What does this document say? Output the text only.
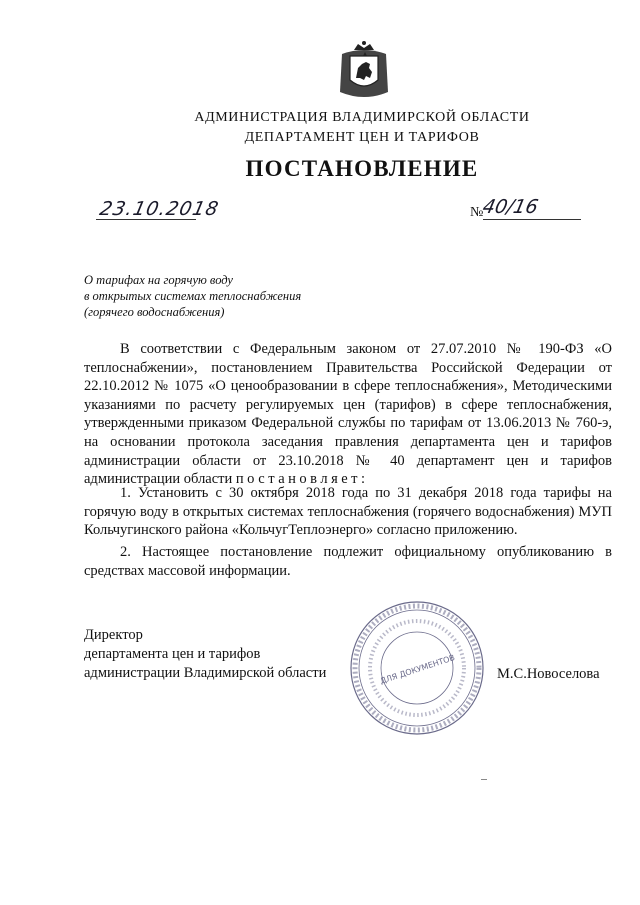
АДМИНИСТРАЦИЯ ВЛАДИМИРСКОЙ ОБЛАСТИ
ДЕПАРТАМЕНТ ЦЕН И ТАРИФОВ
ПОСТАНОВЛЕНИЕ
23.10.2018	№
40/16
О тарифах на горячую воду
в открытых системах теплоснабжения
(горячего водоснабжения)
В соответствии с Федеральным законом от 27.07.2010 № 190-ФЗ «О теплоснабжении», постановлением Правительства Российской Федерации от 22.10.2012 № 1075 «О ценообразовании в сфере теплоснабжения», Методическими указаниями по расчету регулируемых цен (тарифов) в сфере теплоснабжения, утвержденными приказом Федеральной службы по тарифам от 13.06.2013 № 760-э, на основании протокола заседания правления департамента цен и тарифов администрации области от 23.10.2018 № 40 департамент цен и тарифов администрации области постановляет:
1. Установить с 30 октября 2018 года по 31 декабря 2018 года тарифы на горячую воду в открытых системах теплоснабжения (горячего водоснабжения) МУП Кольчугинского района «КольчугТеплоэнерго» согласно приложению.
2. Настоящее постановление подлежит официальному опубликованию в средствах массовой информации.
Директор
департамента цен и тарифов
администрации Владимирской области	ДЛЯ ДОКУМЕНТОВ	М.С.Новоселова
